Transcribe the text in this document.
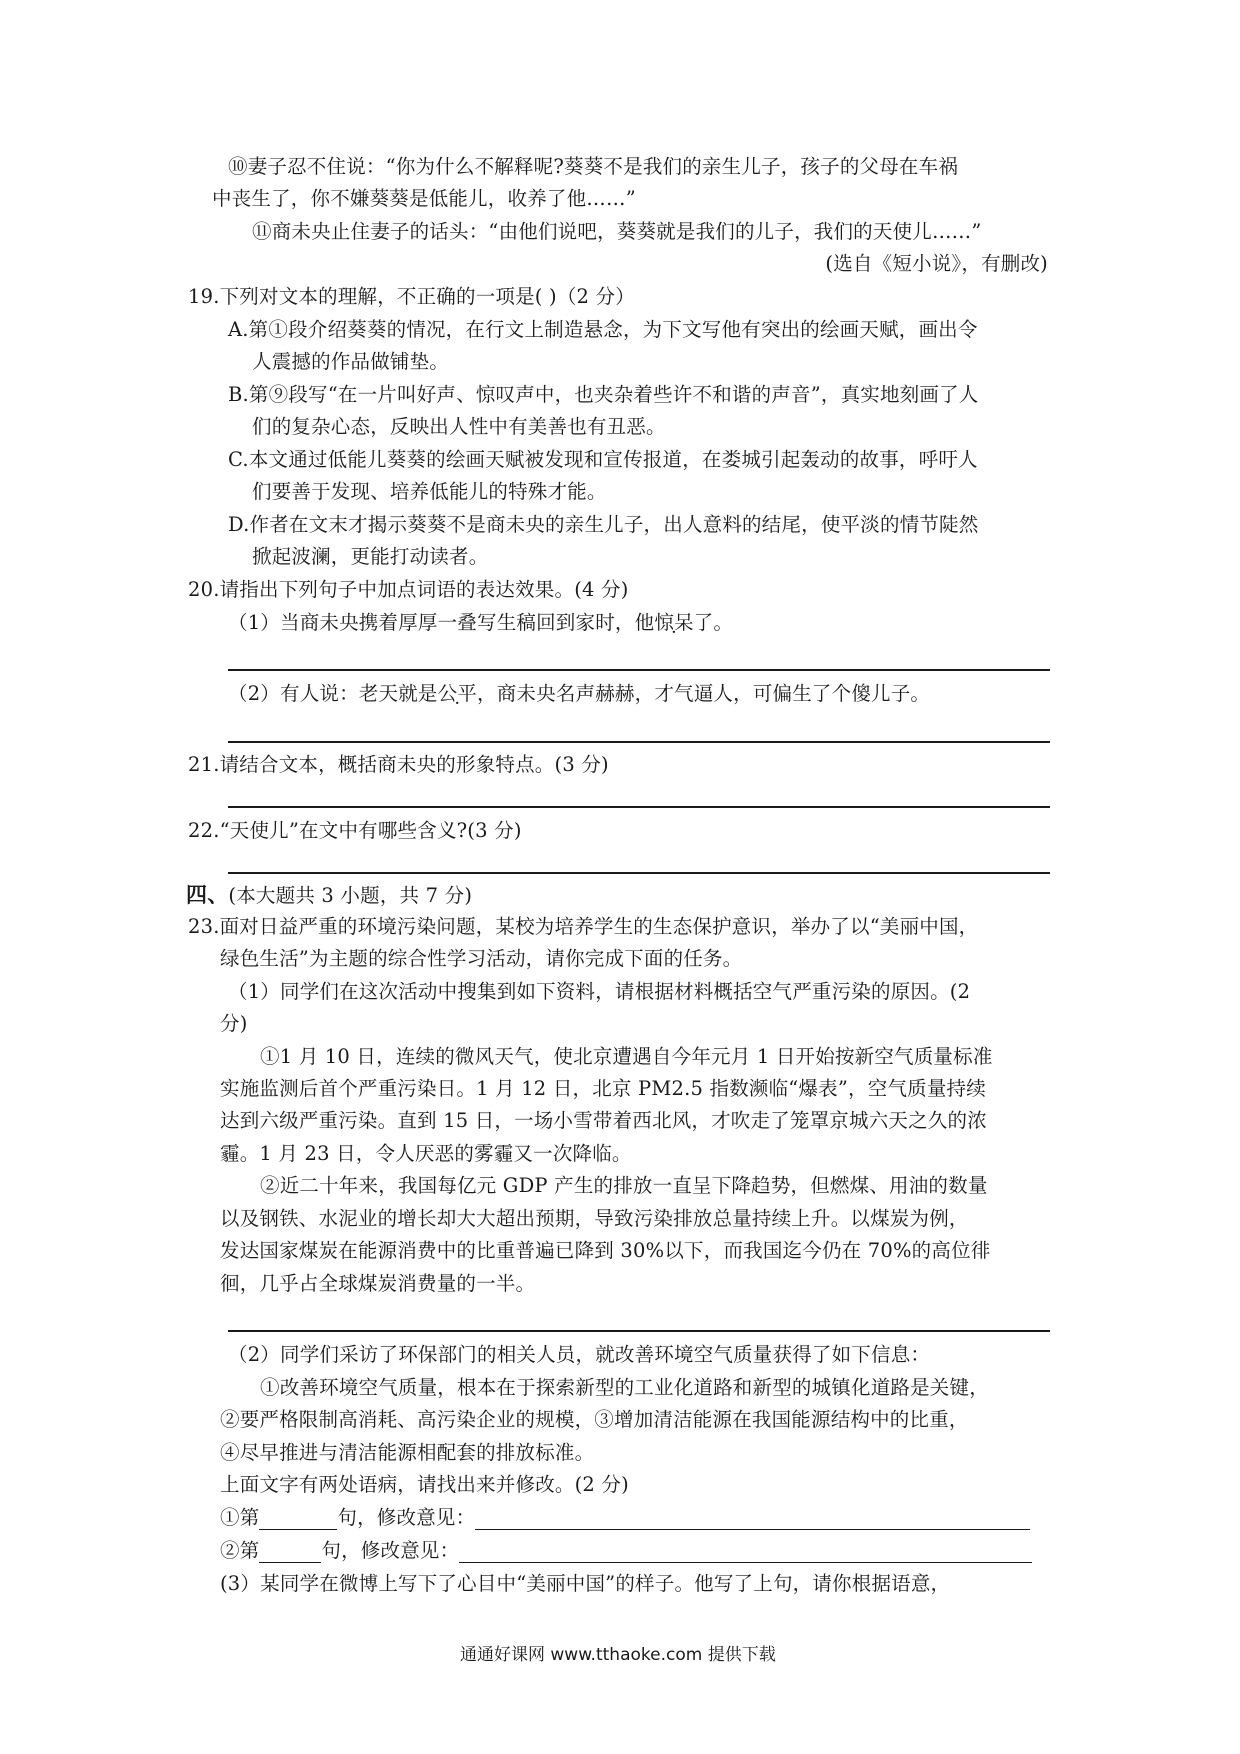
⑩妻子忍不住说：“你为什么不解释呢?葵葵不是我们的亲生儿子，孩子的父母在车祸
中丧生了，你不嫌葵葵是低能儿，收养了他……”
⑪商未央止住妻子的话头：“由他们说吧，葵葵就是我们的儿子，我们的天使儿……”
(选自《短小说》，有删改)
19.下列对文本的理解，不正确的一项是( )（2 分）
A.第①段介绍葵葵的情况，在行文上制造悬念，为下文写他有突出的绘画天赋，画出令
人震撼的作品做铺垫。
B.第⑨段写“在一片叫好声、惊叹声中，也夹杂着些许不和谐的声音”，真实地刻画了人
们的复杂心态，反映出人性中有美善也有丑恶。
C.本文通过低能儿葵葵的绘画天赋被发现和宣传报道，在娄城引起轰动的故事，呼吁人
们要善于发现、培养低能儿的特殊才能。
D.作者在文末才揭示葵葵不是商未央的亲生儿子，出人意料的结尾，使平淡的情节陡然
掀起波澜，更能打动读者。
20.请指出下列句子中加点词语的表达效果。(4 分)
（1）当商未央携着厚厚一叠写生稿回到家时，他惊呆了。
（2）有人说：老天就是公平，商未央名声赫赫，才气逼人，可偏生了个傻儿子。
21.请结合文本，概括商未央的形象特点。(3 分)
22.“天使儿”在文中有哪些含义?(3 分)
四、(本大题共 3 小题，共 7 分)
23.面对日益严重的环境污染问题，某校为培养学生的生态保护意识，举办了以“美丽中国，
绿色生活”为主题的综合性学习活动，请你完成下面的任务。
（1）同学们在这次活动中搜集到如下资料，请根据材料概括空气严重污染的原因。(2
分)
①1 月 10 日，连续的微风天气，使北京遭遇自今年元月 1 日开始按新空气质量标准
实施监测后首个严重污染日。1 月 12 日，北京 PM2.5 指数濒临“爆表”，空气质量持续
达到六级严重污染。直到 15 日，一场小雪带着西北风，才吹走了笼罩京城六天之久的浓
霾。1 月 23 日，令人厌恶的雾霾又一次降临。
②近二十年来，我国每亿元 GDP 产生的排放一直呈下降趋势，但燃煤、用油的数量
以及钢铁、水泥业的增长却大大超出预期，导致污染排放总量持续上升。以煤炭为例，
发达国家煤炭在能源消费中的比重普遍已降到 30%以下，而我国迄今仍在 70%的高位徘
徊，几乎占全球煤炭消费量的一半。
（2）同学们采访了环保部门的相关人员，就改善环境空气质量获得了如下信息：
①改善环境空气质量，根本在于探索新型的工业化道路和新型的城镇化道路是关键，
②要严格限制高消耗、高污染企业的规模，③增加清洁能源在我国能源结构中的比重，
④尽早推进与清洁能源相配套的排放标准。
上面文字有两处语病，请找出来并修改。(2 分)
①第	句，修改意见：
②第	句，修改意见：
(3）某同学在微博上写下了心目中“美丽中国”的样子。他写了上句，请你根据语意，
通通好课网 www.tthaoke.com 提供下载
